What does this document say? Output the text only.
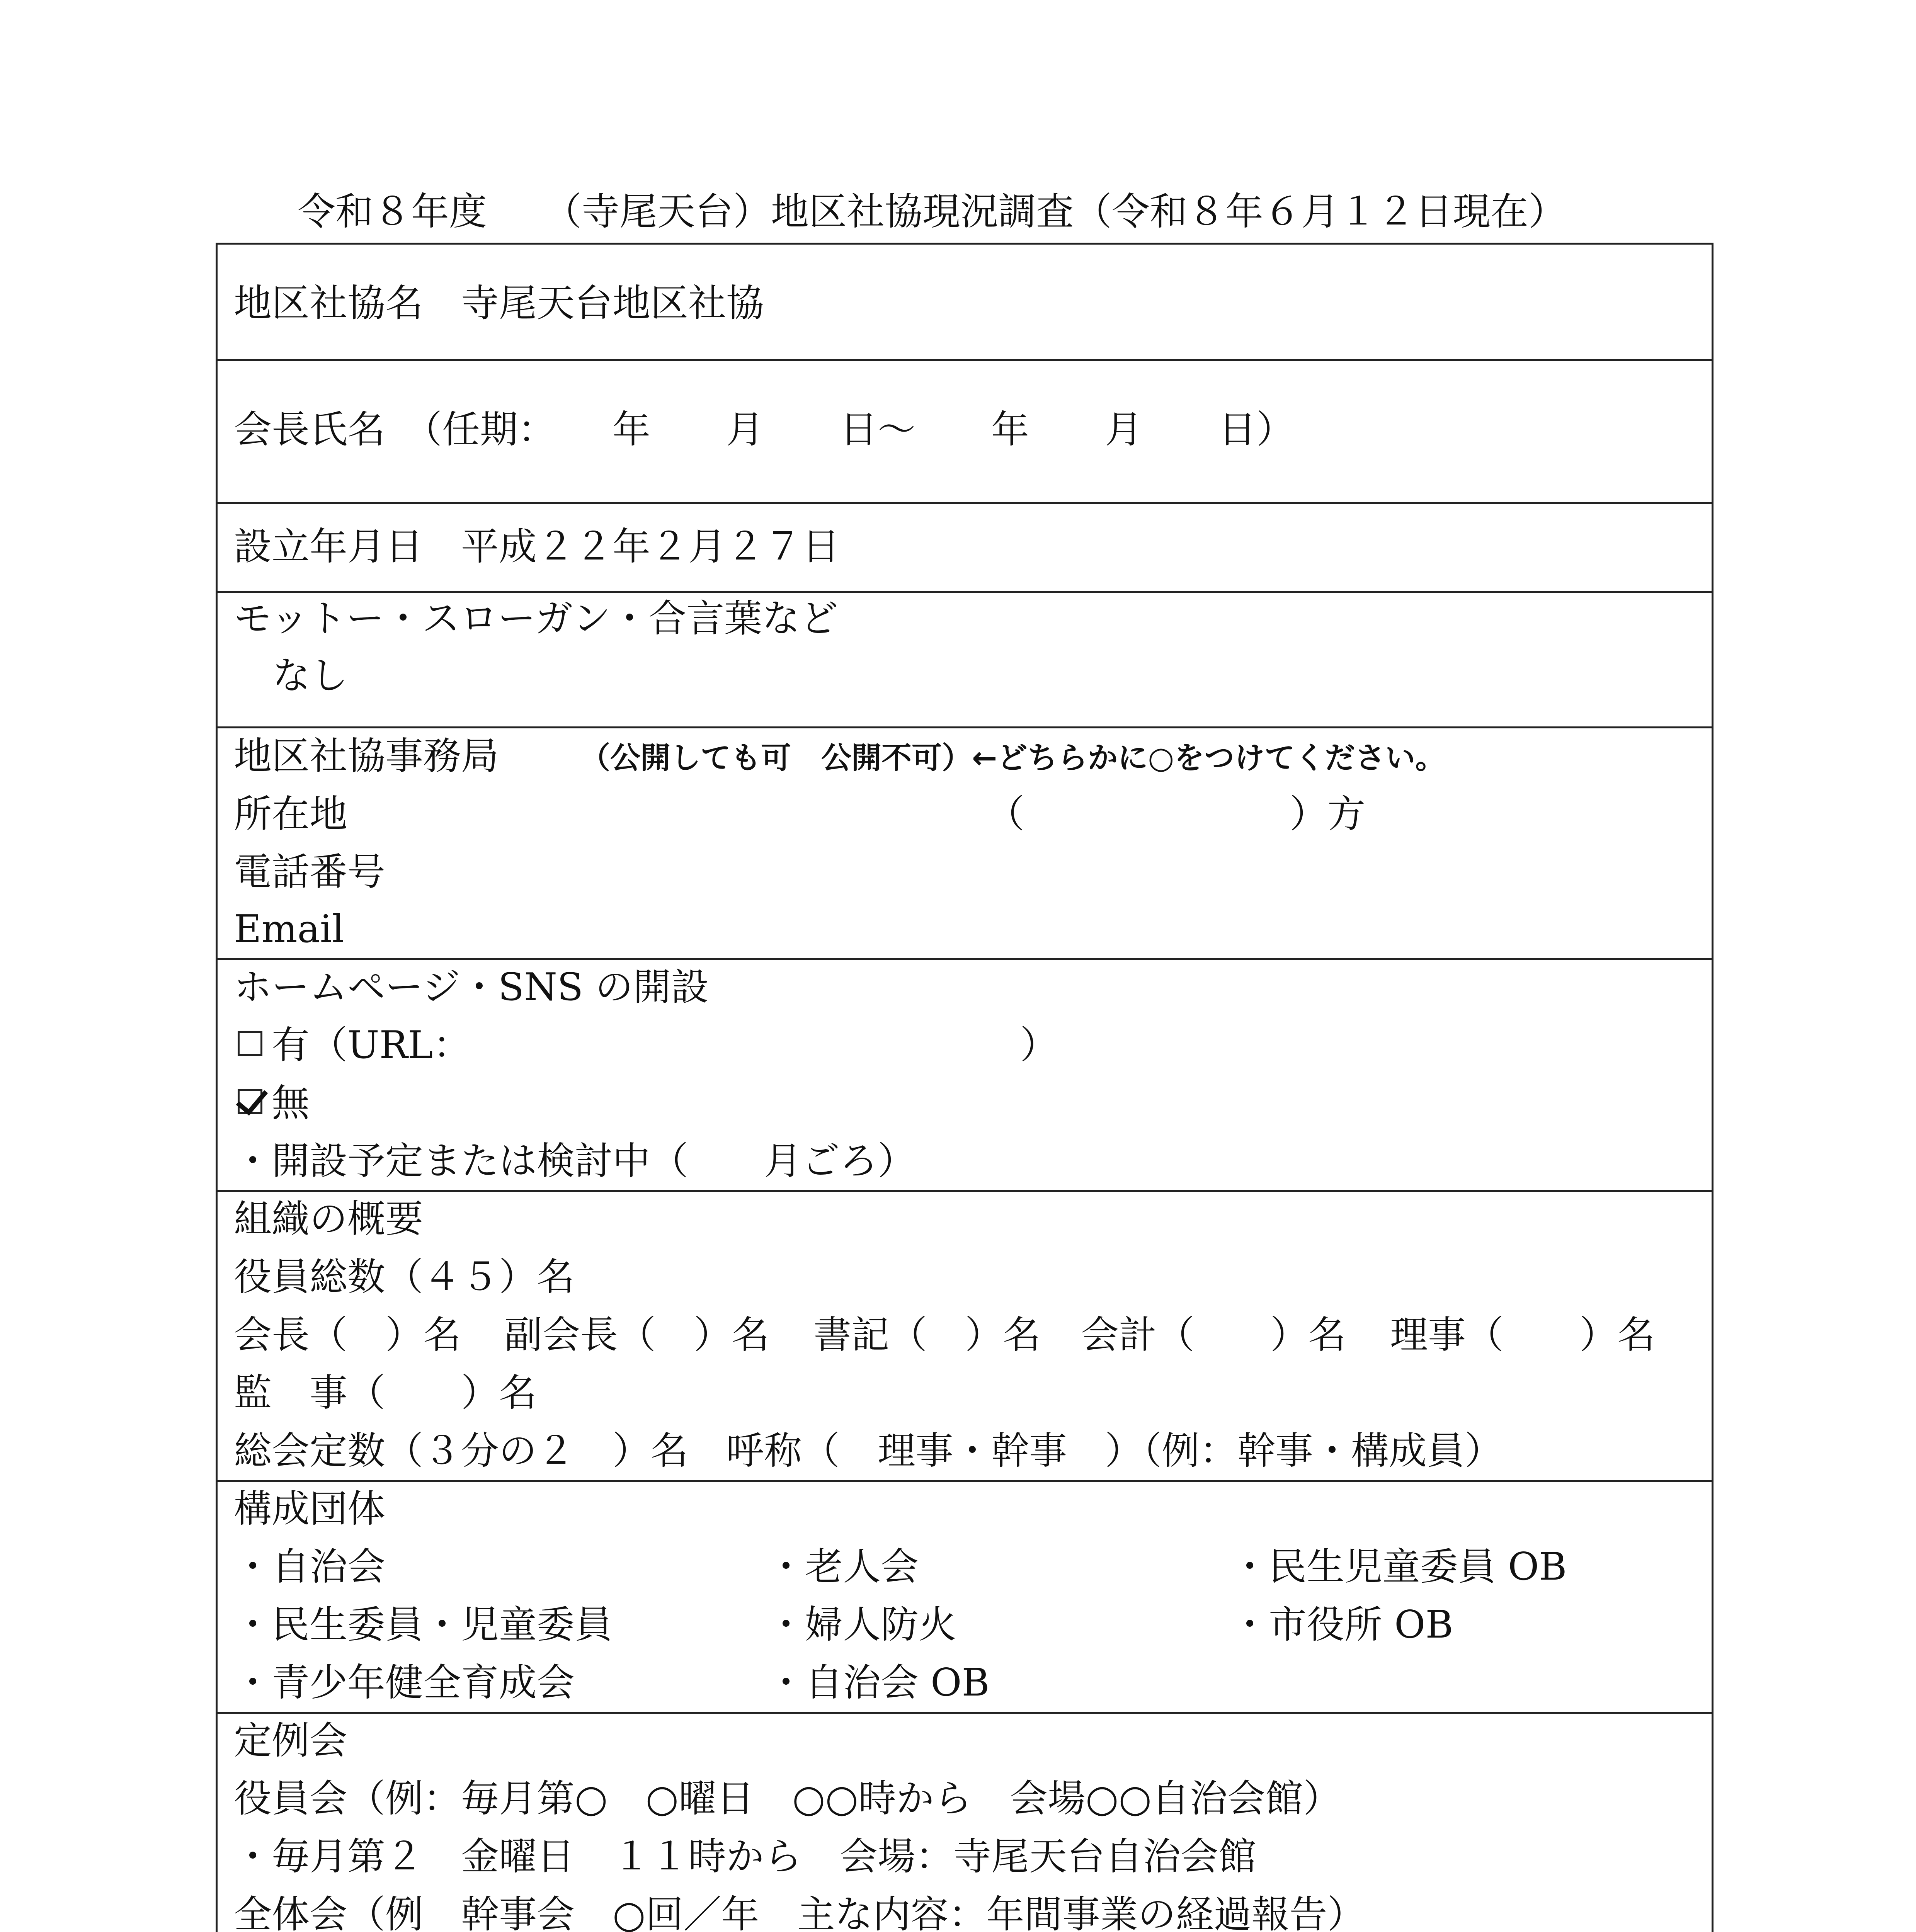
令和８年度　　（寺尾天台）地区社協現況調査（令和８年６月１２日現在）
地区社協名　寺尾天台地区社協
会長氏名　（任期：　　年　　月　　日～　　年　　月　　日）
設立年月日　平成２２年２月２７日
モットー・スローガン・合言葉など
なし
地区社協事務局	（公開しても可　公開不可）←どちらかに○をつけてください。
所在地	（　　　　　　　）方
電話番号
Email
ホームページ・SNS の開設
有（URL：　　　　　　　　　　　　　　　）
無
・開設予定または検討中（　　月ごろ）
組織の概要
役員総数（４５）名
会長（　）名 副会長（　）名 書記（　）名 会計（　　）名 理事（　　）名
監　事（　　）名
総会定数（３分の２　）名　呼称（　理事・幹事　）（例：幹事・構成員）
構成団体
・自治会
・民生委員・児童委員
・青少年健全育成会
・老人会
・婦人防火
・自治会 OB
・民生児童委員 OB
・市役所 OB
定例会
役員会（例：毎月第○　○曜日　○○時から　会場○○自治会館）
・毎月第２　金曜日　１１時から　会場：寺尾天台自治会館
全体会（例　幹事会　○回／年　主な内容：年間事業の経過報告）
